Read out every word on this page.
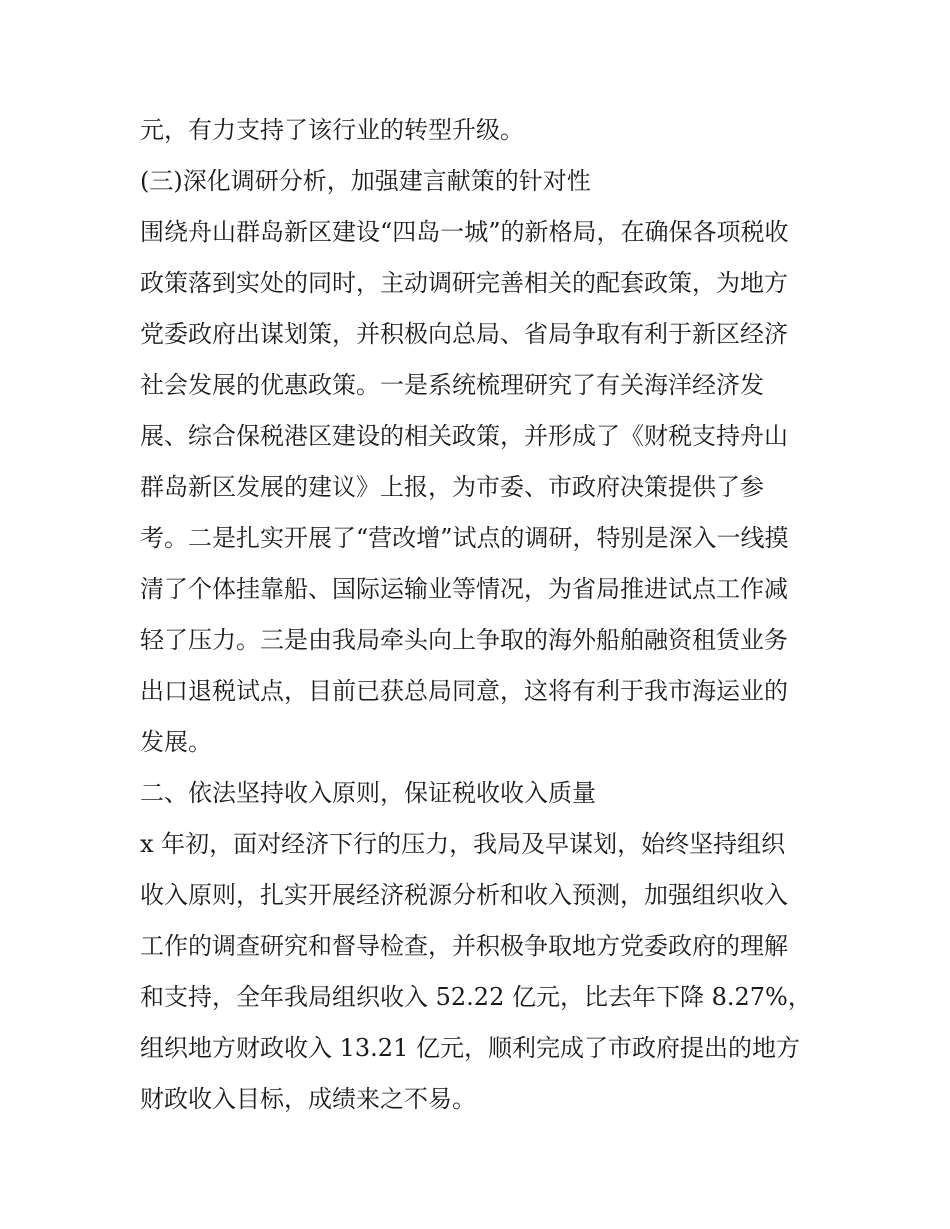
元，有力支持了该行业的转型升级。
(三)深化调研分析，加强建言献策的针对性
围绕舟山群岛新区建设“四岛一城”的新格局，在确保各项税收
政策落到实处的同时，主动调研完善相关的配套政策，为地方
党委政府出谋划策，并积极向总局、省局争取有利于新区经济
社会发展的优惠政策。一是系统梳理研究了有关海洋经济发
展、综合保税港区建设的相关政策，并形成了《财税支持舟山
群岛新区发展的建议》上报，为市委、市政府决策提供了参
考。二是扎实开展了“营改增”试点的调研，特别是深入一线摸
清了个体挂靠船、国际运输业等情况，为省局推进试点工作减
轻了压力。三是由我局牵头向上争取的海外船舶融资租赁业务
出口退税试点，目前已获总局同意，这将有利于我市海运业的
发展。
二、依法坚持收入原则，保证税收收入质量
x 年初，面对经济下行的压力，我局及早谋划，始终坚持组织
收入原则，扎实开展经济税源分析和收入预测，加强组织收入
工作的调查研究和督导检查，并积极争取地方党委政府的理解
和支持，全年我局组织收入 52.22 亿元，比去年下降 8.27%，
组织地方财政收入 13.21 亿元，顺利完成了市政府提出的地方
财政收入目标，成绩来之不易。
